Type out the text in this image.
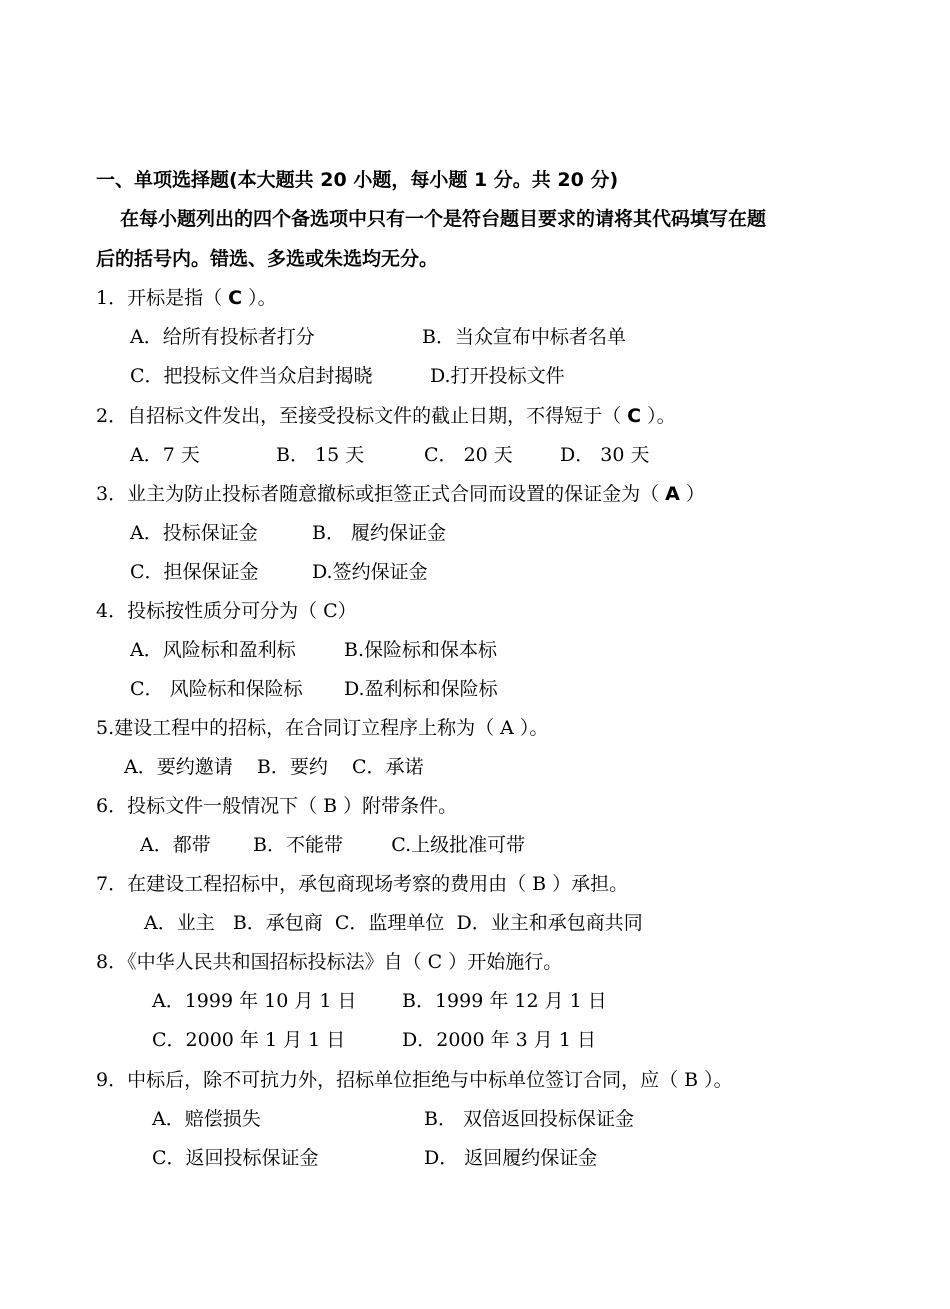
一、单项选择题(本大题共 20 小题，每小题 1 分。共 20 分)
在每小题列出的四个备选项中只有一个是符台题目要求的请将其代码填写在题
后的括号内。错选、多选或朱选均无分。
1．开标是指（ C ）。
A．给所有投标者打分	B．当众宣布中标者名单
C．把投标文件当众启封揭晓	D.打开投标文件
2．自招标文件发出，至接受投标文件的截止日期，不得短于（ C ）。
A．7 天	B． 15 天	C． 20 天 D． 30 天
3．业主为防止投标者随意撤标或拒签正式合同而设置的保证金为（ A ）
A．投标保证金	B． 履约保证金
C．担保保证金	D.签约保证金
4．投标按性质分可分为（ C）
A．风险标和盈利标	B.保险标和保本标
C． 风险标和保险标 D.盈利标和保险标
5.建设工程中的招标，在合同订立程序上称为（ A ）。
A．要约邀请    B．要约    C．承诺
6．投标文件一般情况下（ B ）附带条件。
A．都带       B．不能带        C.上级批准可带
7．在建设工程招标中，承包商现场考察的费用由（ B ）承担。
A．业主   B．承包商  C．监理单位  D．业主和承包商共同
8．《中华人民共和国招标投标法》自（ C ）开始施行。
A．1999 年 10 月 1 日 B．1999 年 12 月 1 日
C．2000 年 1 月 1 日	D．2000 年 3 月 1 日
9．中标后，除不可抗力外，招标单位拒绝与中标单位签订合同，应（ B ）。
A．赔偿损失	B． 双倍返回投标保证金
C．返回投标保证金	D． 返回履约保证金
